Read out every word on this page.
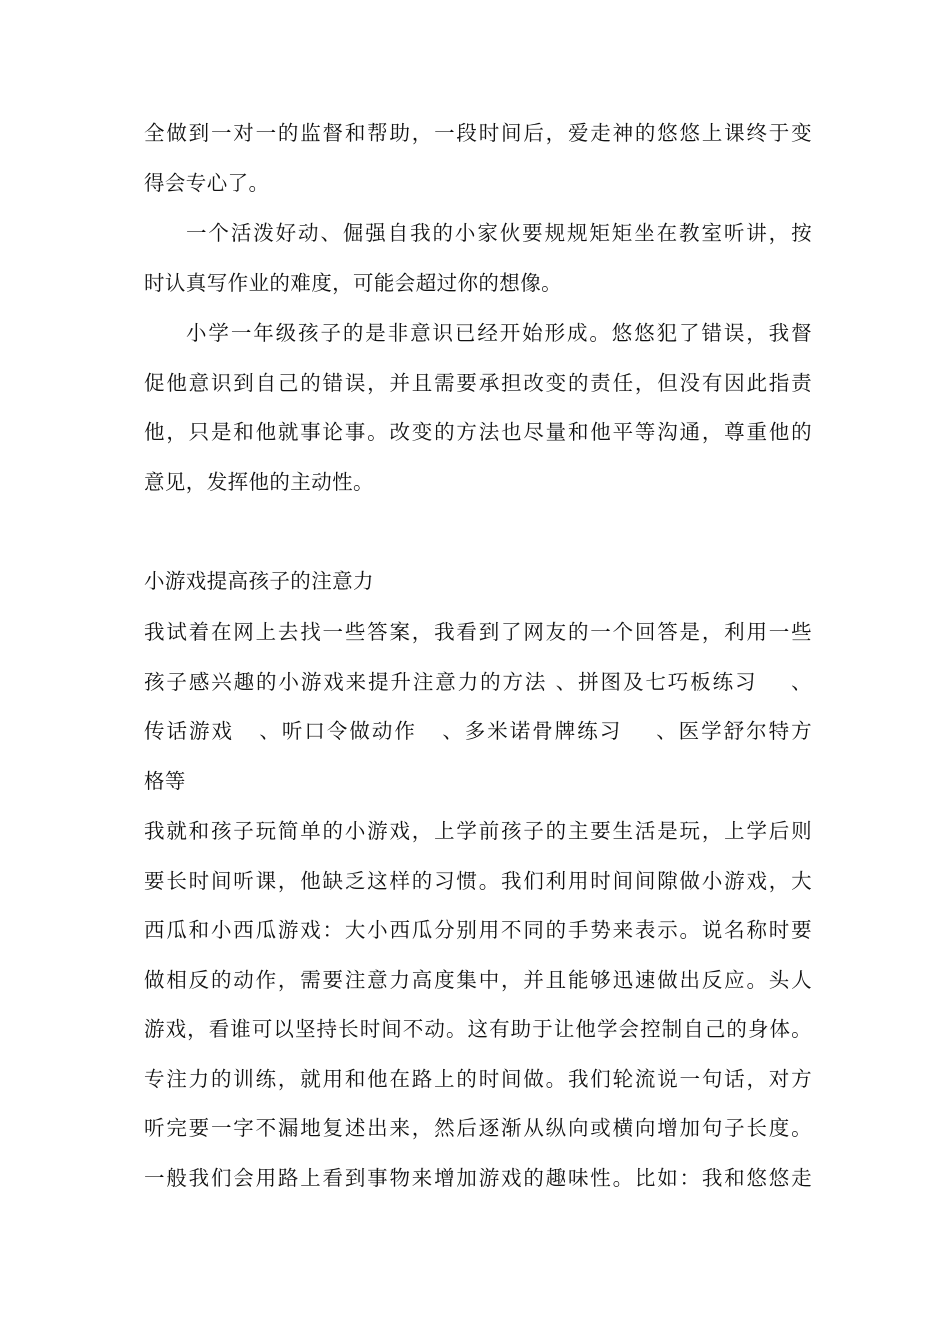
全做到一对一的监督和帮助，一段时间后，爱走神的悠悠上课终于变
得会专心了。
一个活泼好动、倔强自我的小家伙要规规矩矩坐在教室听讲，按
时认真写作业的难度，可能会超过你的想像。
小学一年级孩子的是非意识已经开始形成。悠悠犯了错误，我督
促他意识到自己的错误，并且需要承担改变的责任，但没有因此指责
他，只是和他就事论事。改变的方法也尽量和他平等沟通，尊重他的
意见，发挥他的主动性。
小游戏提高孩子的注意力
我试着在网上去找一些答案，我看到了网友的一个回答是，利用一些
孩子感兴趣的小游戏来提升注意力的方法 、拼图及七巧板练习    、
传话游戏   、听口令做动作   、多米诺骨牌练习    、医学舒尔特方
格等
我就和孩子玩简单的小游戏，上学前孩子的主要生活是玩，上学后则
要长时间听课，他缺乏这样的习惯。我们利用时间间隙做小游戏，大
西瓜和小西瓜游戏：大小西瓜分别用不同的手势来表示。说名称时要
做相反的动作，需要注意力高度集中，并且能够迅速做出反应。头人
游戏，看谁可以坚持长时间不动。这有助于让他学会控制自己的身体。
专注力的训练，就用和他在路上的时间做。我们轮流说一句话，对方
听完要一字不漏地复述出来，然后逐渐从纵向或横向增加句子长度。
一般我们会用路上看到事物来增加游戏的趣味性。比如：我和悠悠走
